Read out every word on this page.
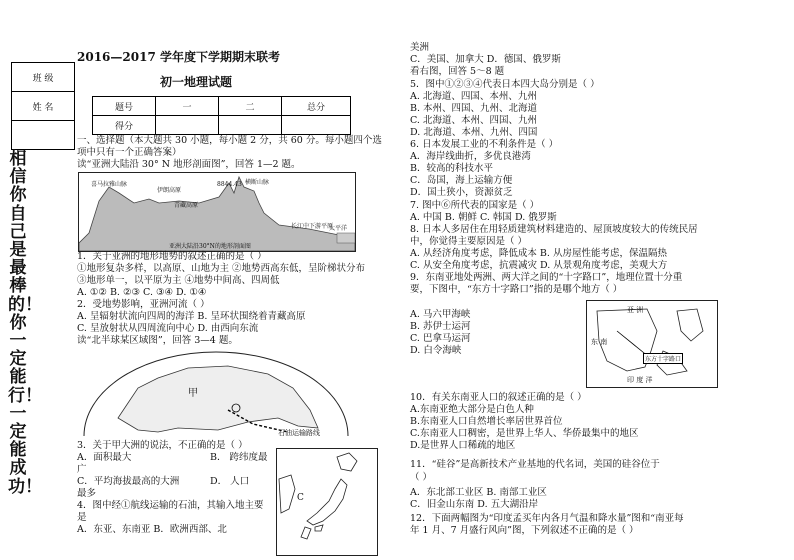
班 级
姓 名

相信你自己是最棒的！你一定能行！一定能成功！
2016—2017 学年度下学期期末联考
初一地理试题
题号	一	二	总分
得分			
一、选择题（本大题共 30 小题，每小题 2 分，共 60 分。每小题四个选
项中只有一个正确答案）
读“亚洲大陆沿 30° N 地形剖面图”，回答 1—2 题。
喜马拉雅山脉
伊朗高原
青藏高原
8844.43 横断山脉
长江中下游平原
太平洋
亚洲大陆沿30°N的地形剖面图
1．关于亚洲的地形地势的叙述正确的是（ ）
①地形复杂多样，以高原、山地为主 ②地势西高东低，呈阶梯状分布
③地形单一，以平原为主 ④地势中间高、四周低
A. ①② B. ②③ C. ③④ D. ①④
2．受地势影响，亚洲河流（ ）
A. 呈辐射状流向四周的海洋 B. 呈环状围绕着青藏高原
C. 呈放射状从四周流向中心 D. 由西向东流
读“北半球某区域图”，回答 3—4 题。
甲
石油运输路线
3．关于甲大洲的说法，不正确的是（ ）
A．面积最大	B． 跨纬度最
广
C．平均海拔最高的大洲	D． 人口
最多
4．图中经①航线运输的石油，其输入地主要
是
A．东亚、东南亚 B．欧洲西部、北
C
美洲
C．美国、加拿大 D．德国、俄罗斯
看右图，回答 5～8 题
5．图中①②③④代表日本四大岛分别是（ ）
A. 北海道、四国、本州、九州
B. 本州、四国、九州、北海道
C. 北海道、本州、四国、九州
D. 北海道、本州、九州、四国
6. 日本发展工业的不利条件是（ ）
A．海岸线曲折，多优良港湾
B．较高的科技水平
C．岛国，海上运输方便
D．国土狭小，资源贫乏
7. 图中⑥所代表的国家是（ ）
A. 中国 B. 朝鲜 C. 韩国 D. 俄罗斯
8. 日本人多居住在用轻质建筑材料建造的、屋顶坡度较大的传统民居
中，你觉得主要原因是（ ）
A. 从经济角度考虑，降低成本 B. 从房屋性能考虑，保温隔热
C. 从安全角度考虑，抗震减灾 D. 从景观角度考虑，美观大方
9．东南亚地处两洲、两大洋之间的“十字路口”，地理位置十分重
要，下图中，“东方十字路口”指的是哪个地方（ ）
A. 马六甲海峡
B. 苏伊士运河
C. 巴拿马运河
D. 白令海峡
亚 洲
东 南
东方十字路口
印 度 洋
10．有关东南亚人口的叙述正确的是（ ）
A.东南亚绝大部分是白色人种
B.东南亚人口自然增长率居世界首位
C.东南亚人口稠密，是世界上华人、华侨最集中的地区
D.是世界人口稀疏的地区
11．“硅谷”是高新技术产业基地的代名词，美国的硅谷位于
（ ）
A．东北部工业区 B. 南部工业区
C．旧金山东南 D. 五大湖沿岸
12．下面两幅图为“印度孟买年内各月气温和降水量”图和“南亚每
年 1 月、7 月盛行风向”图，下列叙述不正确的是（ ）
